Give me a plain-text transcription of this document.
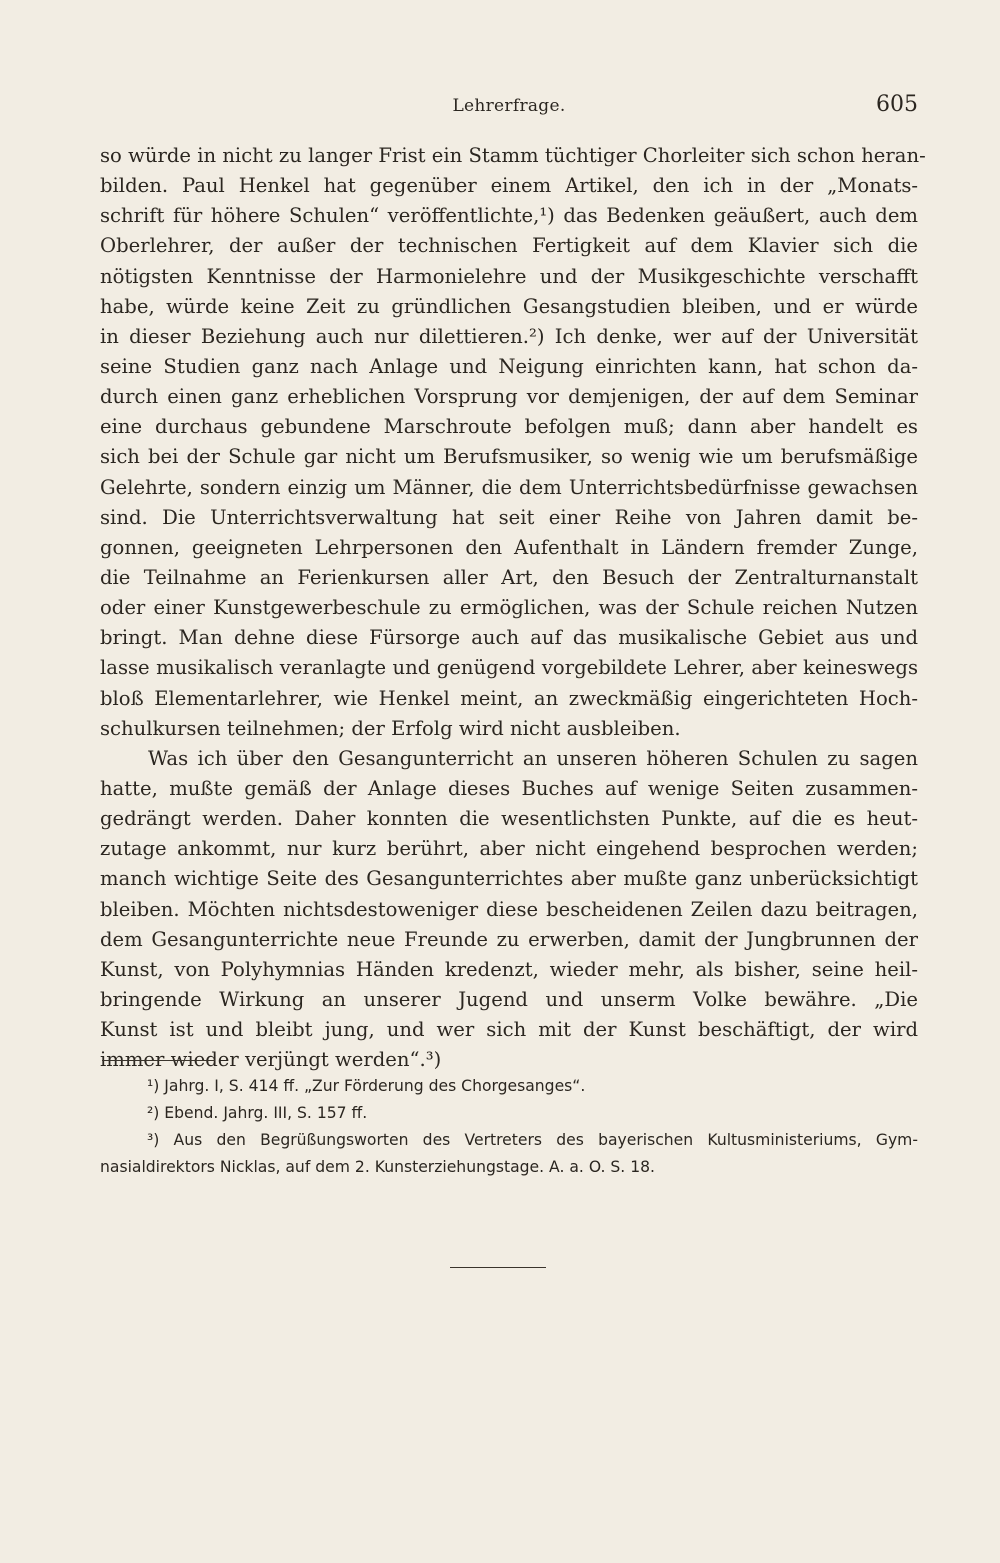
Lehrerfrage.	605
so würde in nicht zu langer Frist ein Stamm tüchtiger Chorleiter sich schon heran-
bilden. Paul Henkel hat gegenüber einem Artikel, den ich in der „Monats-
schrift für höhere Schulen“ veröffentlichte,¹) das Bedenken geäußert, auch dem
Oberlehrer, der außer der technischen Fertigkeit auf dem Klavier sich die
nötigsten Kenntnisse der Harmonielehre und der Musikgeschichte verschafft
habe, würde keine Zeit zu gründlichen Gesangstudien bleiben, und er würde
in dieser Beziehung auch nur dilettieren.²) Ich denke, wer auf der Universität
seine Studien ganz nach Anlage und Neigung einrichten kann, hat schon da-
durch einen ganz erheblichen Vorsprung vor demjenigen, der auf dem Seminar
eine durchaus gebundene Marschroute befolgen muß; dann aber handelt es
sich bei der Schule gar nicht um Berufsmusiker, so wenig wie um berufsmäßige
Gelehrte, sondern einzig um Männer, die dem Unterrichtsbedürfnisse gewachsen
sind. Die Unterrichtsverwaltung hat seit einer Reihe von Jahren damit be-
gonnen, geeigneten Lehrpersonen den Aufenthalt in Ländern fremder Zunge,
die Teilnahme an Ferienkursen aller Art, den Besuch der Zentralturnanstalt
oder einer Kunstgewerbeschule zu ermöglichen, was der Schule reichen Nutzen
bringt. Man dehne diese Fürsorge auch auf das musikalische Gebiet aus und
lasse musikalisch veranlagte und genügend vorgebildete Lehrer, aber keineswegs
bloß Elementarlehrer, wie Henkel meint, an zweckmäßig eingerichteten Hoch-
schulkursen teilnehmen; der Erfolg wird nicht ausbleiben.
Was ich über den Gesangunterricht an unseren höheren Schulen zu sagen
hatte, mußte gemäß der Anlage dieses Buches auf wenige Seiten zusammen-
gedrängt werden. Daher konnten die wesentlichsten Punkte, auf die es heut-
zutage ankommt, nur kurz berührt, aber nicht eingehend besprochen werden;
manch wichtige Seite des Gesangunterrichtes aber mußte ganz unberücksichtigt
bleiben. Möchten nichtsdestoweniger diese bescheidenen Zeilen dazu beitragen,
dem Gesangunterrichte neue Freunde zu erwerben, damit der Jungbrunnen der
Kunst, von Polyhymnias Händen kredenzt, wieder mehr, als bisher, seine heil-
bringende Wirkung an unserer Jugend und unserm Volke bewähre. „Die
Kunst ist und bleibt jung, und wer sich mit der Kunst beschäftigt, der wird
immer wieder verjüngt werden“.³)
¹) Jahrg. I, S. 414 ff. „Zur Förderung des Chorgesanges“.
²) Ebend. Jahrg. III, S. 157 ff.
³) Aus den Begrüßungsworten des Vertreters des bayerischen Kultusministeriums, Gym-
nasialdirektors Nicklas, auf dem 2. Kunsterziehungstage. A. a. O. S. 18.
